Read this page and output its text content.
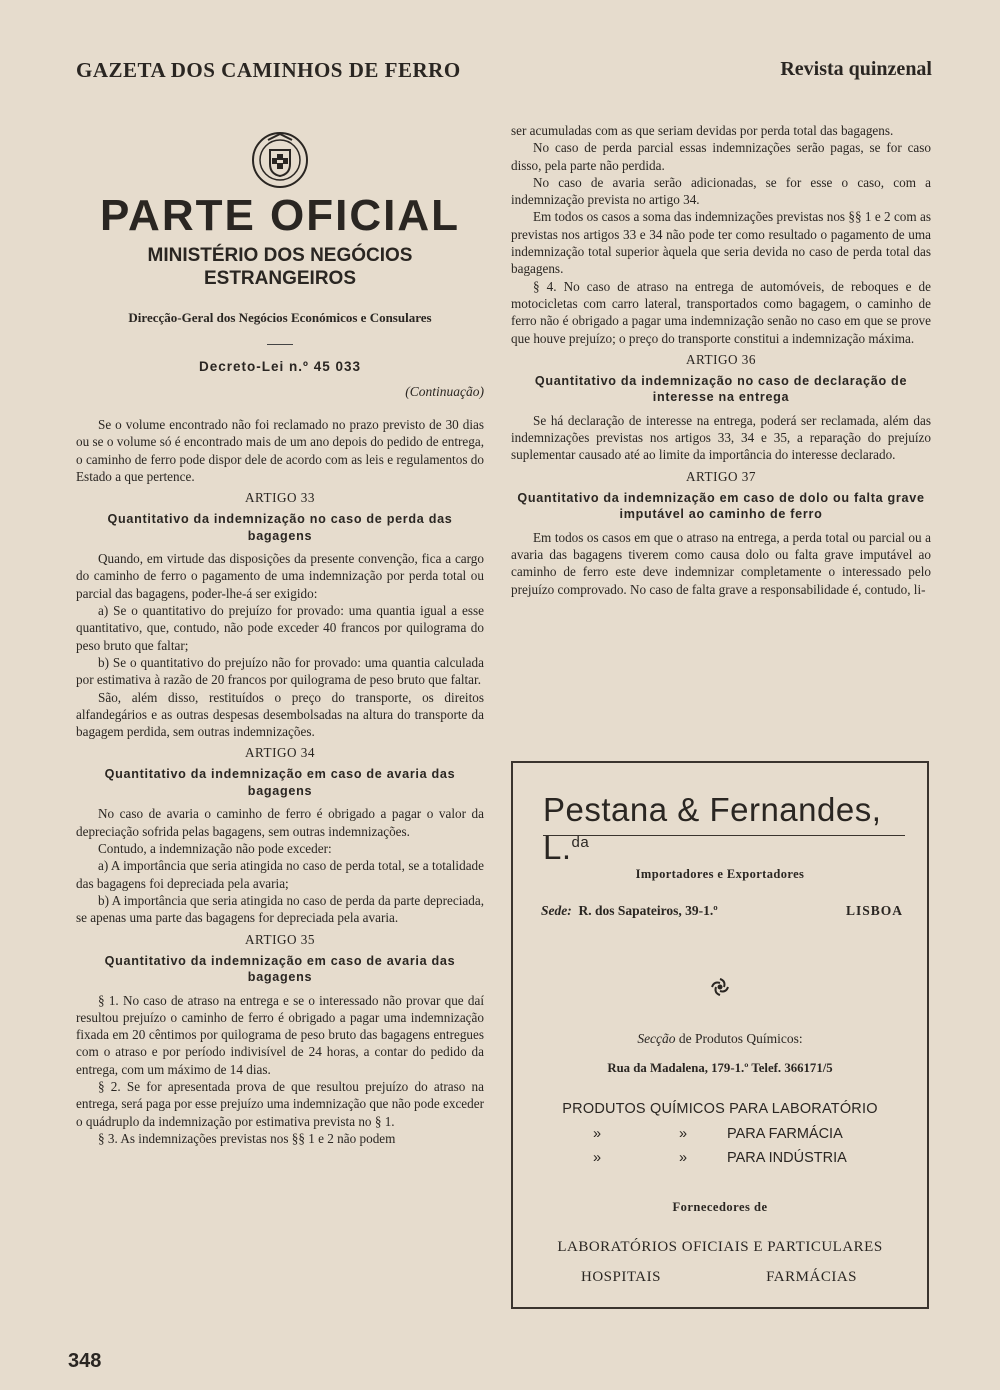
GAZETA DOS CAMINHOS DE FERRO	Revista quinzenal
PARTE OFICIAL
MINISTÉRIO DOS NEGÓCIOS
ESTRANGEIROS
Direcção-Geral dos Negócios Económicos e Consulares
Decreto-Lei n.º 45 033
(Continuação)

Se o volume encontrado não foi reclamado no prazo previsto de 30 dias ou se o volume só é encontrado mais de um ano depois do pedido de entrega, o caminho de ferro pode dispor dele de acordo com as leis e regulamentos do Estado a que pertence.

ARTIGO 33
Quantitativo da indemnização no caso de perda das bagagens

Quando, em virtude das disposições da presente convenção, fica a cargo do caminho de ferro o pagamento de uma indemnização por perda total ou parcial das bagagens, poder-lhe-á ser exigido:

a) Se o quantitativo do prejuízo for provado: uma quantia igual a esse quantitativo, que, contudo, não pode exceder 40 francos por quilograma do peso bruto que faltar;

b) Se o quantitativo do prejuízo não for provado: uma quantia calculada por estimativa à razão de 20 francos por quilograma de peso bruto que faltar.

São, além disso, restituídos o preço do transporte, os direitos alfandegários e as outras despesas desembolsadas na altura do transporte da bagagem perdida, sem outras indemnizações.

ARTIGO 34
Quantitativo da indemnização em caso de avaria das bagagens

No caso de avaria o caminho de ferro é obrigado a pagar o valor da depreciação sofrida pelas bagagens, sem outras indemnizações.

Contudo, a indemnização não pode exceder:

a) A importância que seria atingida no caso de perda total, se a totalidade das bagagens foi depreciada pela avaria;

b) A importância que seria atingida no caso de perda da parte depreciada, se apenas uma parte das bagagens for depreciada pela avaria.

ARTIGO 35
Quantitativo da indemnização em caso de avaria das bagagens

§ 1. No caso de atraso na entrega e se o interessado não provar que daí resultou prejuízo o caminho de ferro é obrigado a pagar uma indemnização fixada em 20 cêntimos por quilograma de peso bruto das bagagens entregues com o atraso e por período indivisível de 24 horas, a contar do pedido da entrega, com um máximo de 14 dias.

§ 2. Se for apresentada prova de que resultou prejuízo do atraso na entrega, será paga por esse prejuízo uma indemnização que não pode exceder o quádruplo da indemnização por estimativa prevista no § 1.

§ 3. As indemnizações previstas nos §§ 1 e 2 não podem

ser acumuladas com as que seriam devidas por perda total das bagagens.

No caso de perda parcial essas indemnizações serão pagas, se for caso disso, pela parte não perdida.

No caso de avaria serão adicionadas, se for esse o caso, com a indemnização prevista no artigo 34.

Em todos os casos a soma das indemnizações previstas nos §§ 1 e 2 com as previstas nos artigos 33 e 34 não pode ter como resultado o pagamento de uma indemnização total superior àquela que seria devida no caso de perda total das bagagens.

§ 4. No caso de atraso na entrega de automóveis, de reboques e de motocicletas com carro lateral, transportados como bagagem, o caminho de ferro não é obrigado a pagar uma indemnização senão no caso em que se prove que houve prejuízo; o preço do transporte constitui a indemnização máxima.

ARTIGO 36
Quantitativo da indemnização no caso de declaração de interesse na entrega

Se há declaração de interesse na entrega, poderá ser reclamada, além das indemnizações previstas nos artigos 33, 34 e 35, a reparação do prejuízo suplementar causado até ao limite da importância do interesse declarado.

ARTIGO 37
Quantitativo da indemnização em caso de dolo ou falta grave imputável ao caminho de ferro

Em todos os casos em que o atraso na entrega, a perda total ou parcial ou a avaria das bagagens tiverem como causa dolo ou falta grave imputável ao caminho de ferro este deve indemnizar completamente o interessado pelo prejuízo comprovado. No caso de falta grave a responsabilidade é, contudo, li-

Pestana & Fernandes, L.$^{da}$
Importadores e Exportadores
Sede: R. dos Sapateiros, 39-1.º	LISBOA
Secção de Produtos Químicos:
Rua da Madalena, 179-1.º Telef. 366171/5
PRODUTOS QUÍMICOS PARA LABORATÓRIO
»	»	PARA FARMÁCIA
»	»	PARA INDÚSTRIA
Fornecedores de
LABORATÓRIOS OFICIAIS E PARTICULARES
HOSPITAIS	FARMÁCIAS
348
